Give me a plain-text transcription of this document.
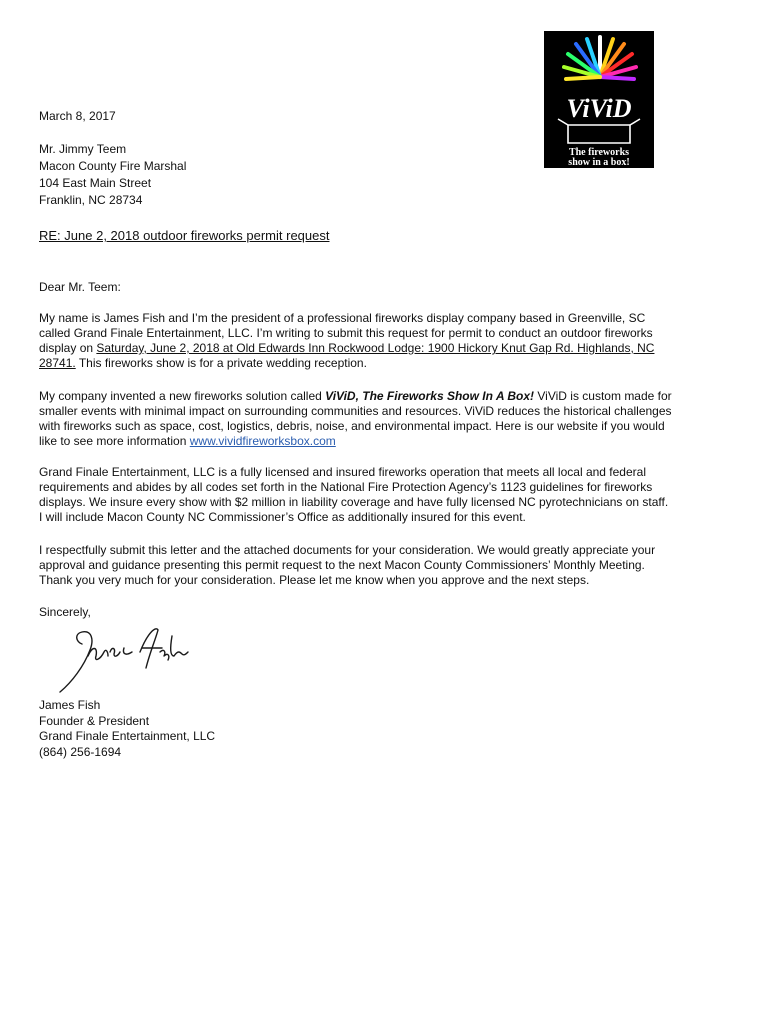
ViViD
The fireworks
show in a box!

March 8, 2017

Mr. Jimmy Teem
Macon County Fire Marshal
104 East Main Street
Franklin, NC 28734

RE: June 2, 2018 outdoor fireworks permit request

Dear Mr. Teem:

My name is James Fish and I’m the president of a professional fireworks display company based in Greenville, SC
called Grand Finale Entertainment, LLC. I’m writing to submit this request for permit to conduct an outdoor fireworks
display on Saturday, June 2, 2018 at Old Edwards Inn Rockwood Lodge: 1900 Hickory Knut Gap Rd. Highlands, NC
28741. This fireworks show is for a private wedding reception.

My company invented a new fireworks solution called ViViD, The Fireworks Show In A Box! ViViD is custom made for
smaller events with minimal impact on surrounding communities and resources. ViViD reduces the historical challenges
with fireworks such as space, cost, logistics, debris, noise, and environmental impact. Here is our website if you would
like to see more information www.vividfireworksbox.com

Grand Finale Entertainment, LLC is a fully licensed and insured fireworks operation that meets all local and federal
requirements and abides by all codes set forth in the National Fire Protection Agency’s 1123 guidelines for fireworks
displays. We insure every show with $2 million in liability coverage and have fully licensed NC pyrotechnicians on staff.
I will include Macon County NC Commissioner’s Office as additionally insured for this event.

I respectfully submit this letter and the attached documents for your consideration. We would greatly appreciate your
approval and guidance presenting this permit request to the next Macon County Commissioners’ Monthly Meeting.
Thank you very much for your consideration. Please let me know when you approve and the next steps.

Sincerely,

James Fish
Founder & President
Grand Finale Entertainment, LLC
(864) 256-1694
